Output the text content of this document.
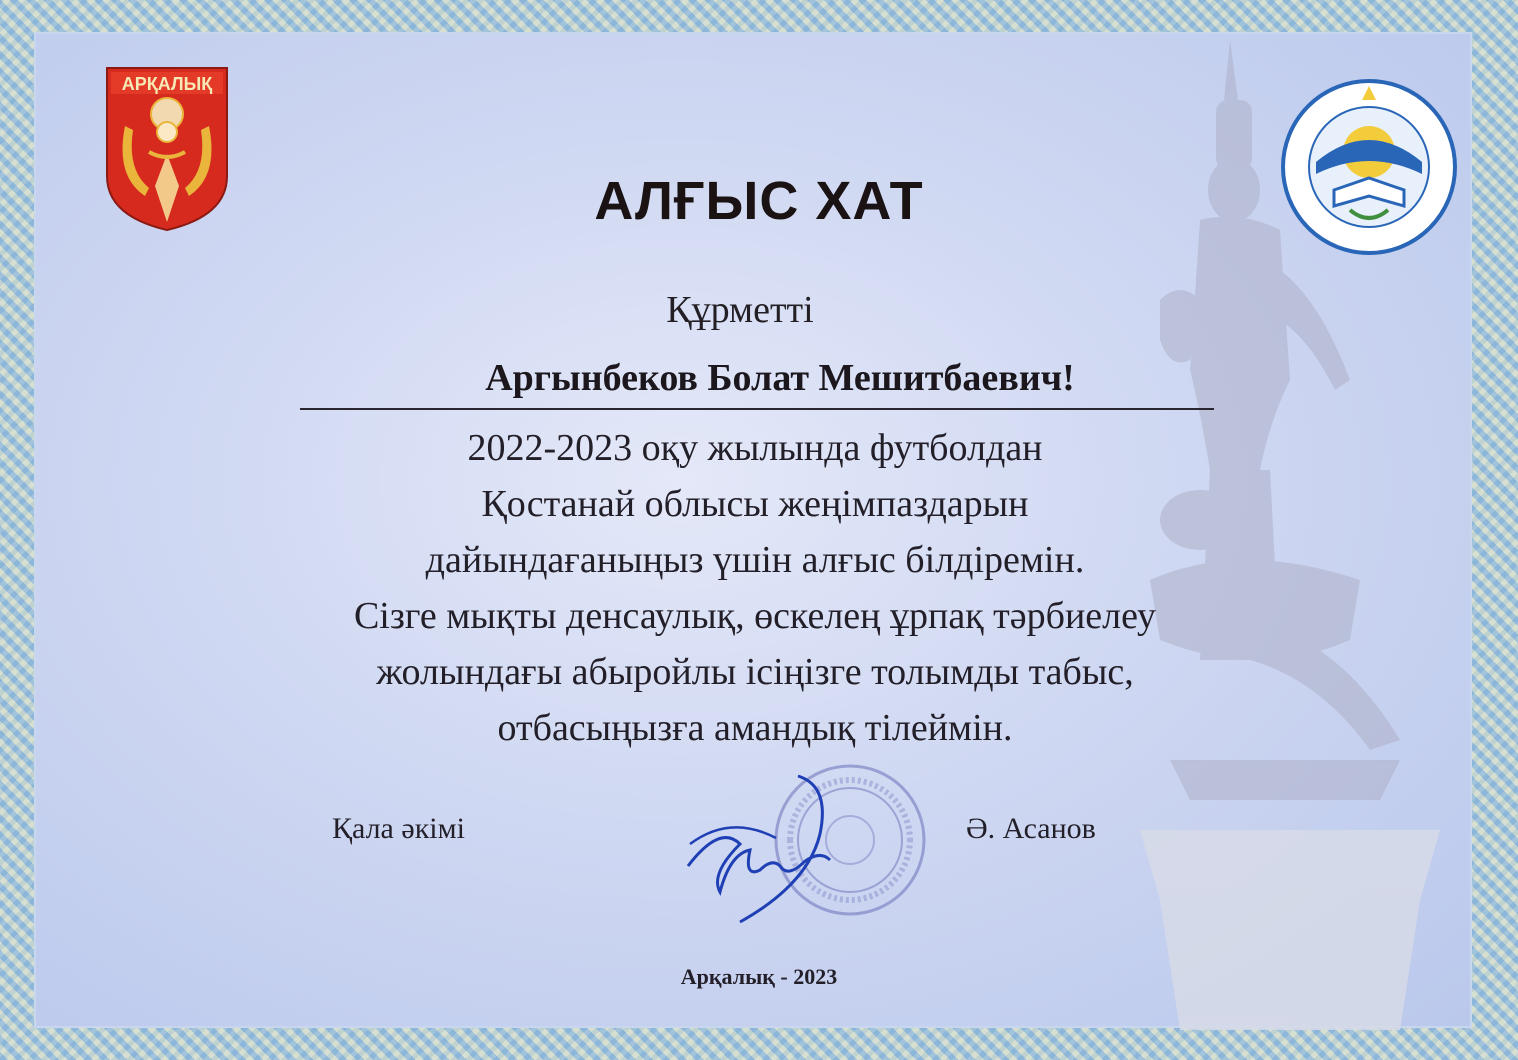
АРҚАЛЫҚ
АЛҒЫС ХАТ
Құрметті
Аргынбеков Болат Мешитбаевич!
2022-2023 оқу жылында футболдан
Қостанай облысы жеңімпаздарын
дайындағаныңыз үшін алғыс білдіремін.
Сізге мықты денсаулық, өскелең ұрпақ тәрбиелеу
жолындағы абыройлы ісіңізге толымды табыс,
отбасыңызға амандық тілеймін.
Қала әкімі	Ә. Асанов
Арқалық - 2023
